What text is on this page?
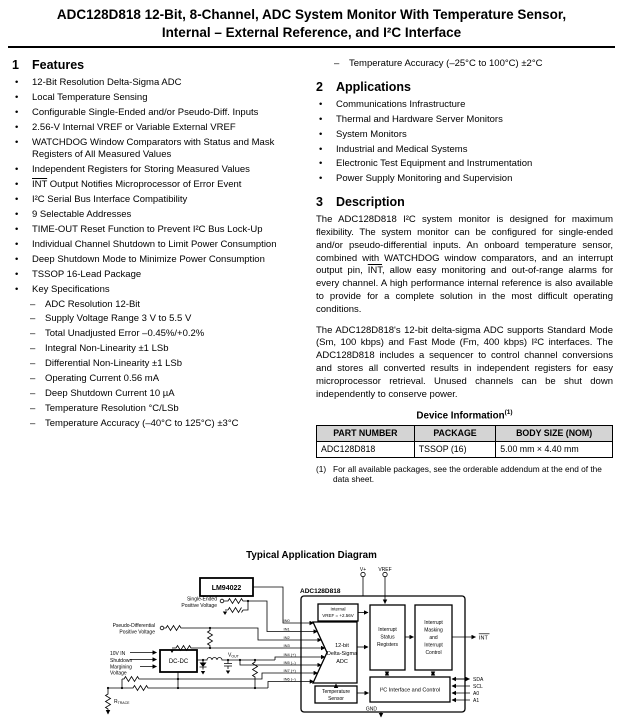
ADC128D818 12-Bit, 8-Channel, ADC System Monitor With Temperature Sensor,
Internal – External Reference, and I²C Interface
1	Features
•	12-Bit Resolution Delta-Sigma ADC
•	Local Temperature Sensing
•	Configurable Single-Ended and/or Pseudo-Diff. Inputs
•	2.56-V Internal VREF or Variable External VREF
•	WATCHDOG Window Comparators with Status and Mask Registers of All Measured Values
•	Independent Registers for Storing Measured Values
•	$\overline{INT}$ Output Notifies Microprocessor of Error Event
•	I²C Serial Bus Interface Compatibility
•	9 Selectable Addresses
•	TIME-OUT Reset Function to Prevent I²C Bus Lock-Up
•	Individual Channel Shutdown to Limit Power Consumption
•	Deep Shutdown Mode to Minimize Power Consumption
•	TSSOP 16-Lead Package
•	Key Specifications
–	ADC Resolution 12-Bit
–	Supply Voltage Range 3 V to 5.5 V
–	Total Unadjusted Error –0.45%/+0.2%
–	Integral Non-Linearity ±1 LSb
–	Differential Non-Linearity ±1 LSb
–	Operating Current 0.56 mA
–	Deep Shutdown Current 10 µA
–	Temperature Resolution °C/LSb
–	Temperature Accuracy (–40°C to 125°C) ±3°C
–	Temperature Accuracy (–25°C to 100°C) ±2°C
2	Applications
•	Communications Infrastructure
•	Thermal and Hardware Server Monitors
•	System Monitors
•	Industrial and Medical Systems
•	Electronic Test Equipment and Instrumentation
•	Power Supply Monitoring and Supervision
3	Description
The ADC128D818 I²C system monitor is designed for maximum flexibility. The system monitor can be configured for single-ended and/or pseudo-differential inputs. An onboard temperature sensor, combined with WATCHDOG window comparators, and an interrupt output pin, $\overline{INT}$, allow easy monitoring and out-of-range alarms for every channel. A high performance internal reference is also available to provide for a complete solution in the most difficult operating conditions.
The ADC128D818's 12-bit delta-sigma ADC supports Standard Mode (Sm, 100 kbps) and Fast Mode (Fm, 400 kbps) I²C interfaces. The ADC128D818 includes a sequencer to control channel conversions and stores all converted results in independent registers for easy microprocessor retrieval. Unused channels can be shut down independently to conserve power.
Device Information$^{(1)}$
PART NUMBER	PACKAGE	BODY SIZE (NOM)
ADC128D818	TSSOP (16)	5.00 mm × 4.40 mm
(1) For all available packages, see the orderable addendum at the end of the data sheet.
Typical Application Diagram
LM94022
Single-Ended
Positive Voltage
Pseudo-Differential
Positive Voltage
10V IN
Shutdown
Margining
Voltage
DC-DC
$V_{OUT}$
$R_{TRACE}$
IN0
IN1
IN2
IN3
IN4 (+)
IN5 (–)
IN7 (+)
IN6 (–)
ADC128D818
V+ VREF
Internal
VREF = +2.56V
12-bit
Delta-Sigma
ADC
Temperature
Sensor
Interrupt
Status
Registers
Interrupt
Masking
and
Interrupt
Control
INT
I²C Interface and Control
SDA
SCL
A0
A1
GND
